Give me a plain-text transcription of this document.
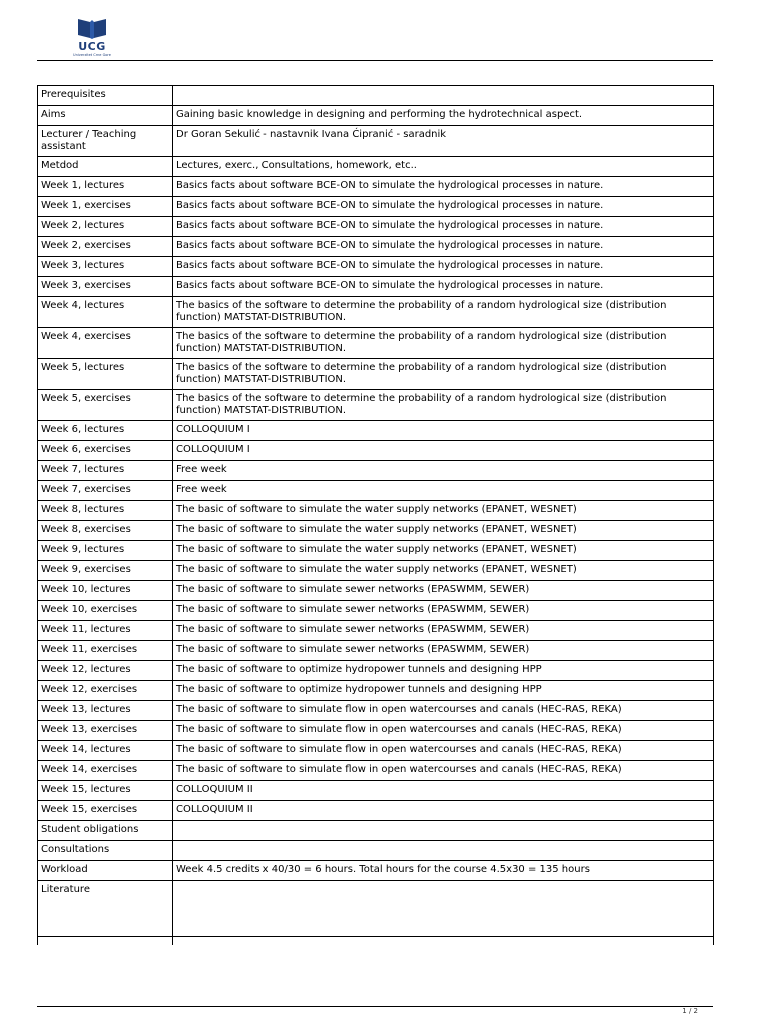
UCG
Univerzitet Crne Gore
Prerequisites	
Aims	Gaining basic knowledge in designing and performing the hydrotechnical aspect.
Lecturer / Teaching assistant	Dr Goran Sekulić - nastavnik Ivana Ćipranić - saradnik
Metdod	Lectures, exerc., Consultations, homework, etc..
Week 1, lectures	Basics facts about software BCE-ON to simulate the hydrological processes in nature.
Week 1, exercises	Basics facts about software BCE-ON to simulate the hydrological processes in nature.
Week 2, lectures	Basics facts about software BCE-ON to simulate the hydrological processes in nature.
Week 2, exercises	Basics facts about software BCE-ON to simulate the hydrological processes in nature.
Week 3, lectures	Basics facts about software BCE-ON to simulate the hydrological processes in nature.
Week 3, exercises	Basics facts about software BCE-ON to simulate the hydrological processes in nature.
Week 4, lectures	The basics of the software to determine the probability of a random hydrological size (distribution function) MATSTAT-DISTRIBUTION.
Week 4, exercises	The basics of the software to determine the probability of a random hydrological size (distribution function) MATSTAT-DISTRIBUTION.
Week 5, lectures	The basics of the software to determine the probability of a random hydrological size (distribution function) MATSTAT-DISTRIBUTION.
Week 5, exercises	The basics of the software to determine the probability of a random hydrological size (distribution function) MATSTAT-DISTRIBUTION.
Week 6, lectures	COLLOQUIUM I
Week 6, exercises	COLLOQUIUM I
Week 7, lectures	Free week
Week 7, exercises	Free week
Week 8, lectures	The basic of software to simulate the water supply networks (EPANET, WESNET)
Week 8, exercises	The basic of software to simulate the water supply networks (EPANET, WESNET)
Week 9, lectures	The basic of software to simulate the water supply networks (EPANET, WESNET)
Week 9, exercises	The basic of software to simulate the water supply networks (EPANET, WESNET)
Week 10, lectures	The basic of software to simulate sewer networks (EPASWMM, SEWER)
Week 10, exercises	The basic of software to simulate sewer networks (EPASWMM, SEWER)
Week 11, lectures	The basic of software to simulate sewer networks (EPASWMM, SEWER)
Week 11, exercises	The basic of software to simulate sewer networks (EPASWMM, SEWER)
Week 12, lectures	The basic of software to optimize hydropower tunnels and designing HPP
Week 12, exercises	The basic of software to optimize hydropower tunnels and designing HPP
Week 13, lectures	The basic of software to simulate flow in open watercourses and canals (HEC-RAS, REKA)
Week 13, exercises	The basic of software to simulate flow in open watercourses and canals (HEC-RAS, REKA)
Week 14, lectures	The basic of software to simulate flow in open watercourses and canals (HEC-RAS, REKA)
Week 14, exercises	The basic of software to simulate flow in open watercourses and canals (HEC-RAS, REKA)
Week 15, lectures	COLLOQUIUM II
Week 15, exercises	COLLOQUIUM II
Student obligations	
Consultations	
Workload	Week 4.5 credits x 40/30 = 6 hours. Total hours for the course 4.5x30 = 135 hours
Literature	

1 / 2
